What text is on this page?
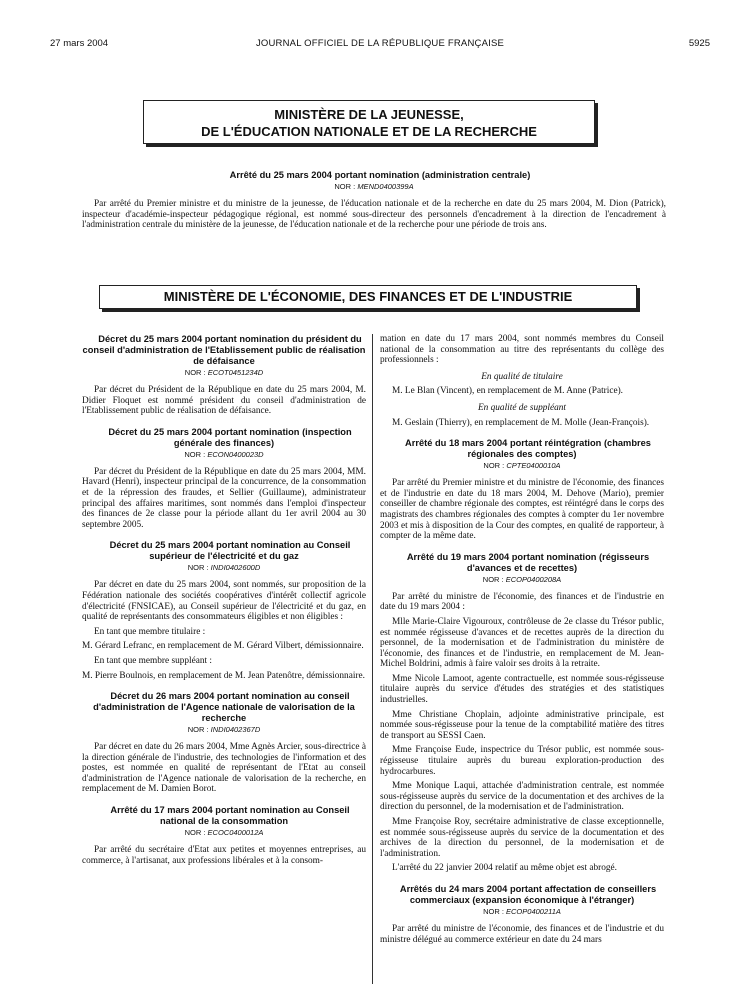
27 mars 2004	JOURNAL OFFICIEL DE LA RÉPUBLIQUE FRANÇAISE	5925
MINISTÈRE DE LA JEUNESSE,
DE L'ÉDUCATION NATIONALE ET DE LA RECHERCHE

Arrêté du 25 mars 2004 portant nomination (administration centrale)

NOR : MEND0400399A

Par arrêté du Premier ministre et du ministre de la jeunesse, de l'éducation nationale et de la recherche en date du 25 mars 2004, M. Dion (Patrick), inspecteur d'académie-inspecteur pédagogique régional, est nommé sous-directeur des personnels d'encadrement à la direction de l'encadrement à l'administration centrale du ministère de la jeunesse, de l'éducation nationale et de la recherche pour une période de trois ans.

MINISTÈRE DE L'ÉCONOMIE, DES FINANCES ET DE L'INDUSTRIE

Décret du 25 mars 2004 portant nomination du président du conseil d'administration de l'Etablissement public de réalisation de défaisance

NOR : ECOT0451234D

Par décret du Président de la République en date du 25 mars 2004, M. Didier Floquet est nommé président du conseil d'administration de l'Etablissement public de réalisation de défaisance.

Décret du 25 mars 2004 portant nomination (inspection générale des finances)

NOR : ECON0400023D

Par décret du Président de la République en date du 25 mars 2004, MM. Havard (Henri), inspecteur principal de la concurrence, de la consommation et de la répression des fraudes, et Sellier (Guillaume), administrateur principal des affaires maritimes, sont nommés dans l'emploi d'inspecteur des finances de 2e classe pour la période allant du 1er avril 2004 au 30 septembre 2005.

Décret du 25 mars 2004 portant nomination au Conseil supérieur de l'électricité et du gaz

NOR : INDI0402600D

Par décret en date du 25 mars 2004, sont nommés, sur proposition de la Fédération nationale des sociétés coopératives d'intérêt collectif agricole d'électricité (FNSICAE), au Conseil supérieur de l'électricité et du gaz, en qualité de représentants des consommateurs éligibles et non éligibles :

En tant que membre titulaire :

M. Gérard Lefranc, en remplacement de M. Gérard Vilbert, démissionnaire.

En tant que membre suppléant :

M. Pierre Boulnois, en remplacement de M. Jean Patenôtre, démissionnaire.

Décret du 26 mars 2004 portant nomination au conseil d'administration de l'Agence nationale de valorisation de la recherche

NOR : INDI0402367D

Par décret en date du 26 mars 2004, Mme Agnès Arcier, sous-directrice à la direction générale de l'industrie, des technologies de l'information et des postes, est nommée en qualité de représentant de l'Etat au conseil d'administration de l'Agence nationale de valorisation de la recherche, en remplacement de M. Damien Borot.

Arrêté du 17 mars 2004 portant nomination au Conseil national de la consommation

NOR : ECOC0400012A

Par arrêté du secrétaire d'Etat aux petites et moyennes entreprises, au commerce, à l'artisanat, aux professions libérales et à la consom-

mation en date du 17 mars 2004, sont nommés membres du Conseil national de la consommation au titre des représentants du collège des professionnels :

En qualité de titulaire

M. Le Blan (Vincent), en remplacement de M. Anne (Patrice).

En qualité de suppléant

M. Geslain (Thierry), en remplacement de M. Molle (Jean-François).

Arrêté du 18 mars 2004 portant réintégration (chambres régionales des comptes)

NOR : CPTE0400010A

Par arrêté du Premier ministre et du ministre de l'économie, des finances et de l'industrie en date du 18 mars 2004, M. Dehove (Mario), premier conseiller de chambre régionale des comptes, est réintégré dans le corps des magistrats des chambres régionales des comptes à compter du 1er novembre 2003 et mis à disposition de la Cour des comptes, en qualité de rapporteur, à compter de la même date.

Arrêté du 19 mars 2004 portant nomination (régisseurs d'avances et de recettes)

NOR : ECOP0400208A

Par arrêté du ministre de l'économie, des finances et de l'industrie en date du 19 mars 2004 :

Mlle Marie-Claire Vigouroux, contrôleuse de 2e classe du Trésor public, est nommée régisseuse d'avances et de recettes auprès de la direction du personnel, de la modernisation et de l'administration du ministère de l'économie, des finances et de l'industrie, en remplacement de M. Jean-Michel Boldrini, admis à faire valoir ses droits à la retraite.

Mme Nicole Lamoot, agente contractuelle, est nommée sous-régisseuse titulaire auprès du service d'études des stratégies et des statistiques industrielles.

Mme Christiane Choplain, adjointe administrative principale, est nommée sous-régisseuse pour la tenue de la comptabilité matière des titres de transport au SESSI Caen.

Mme Françoise Eude, inspectrice du Trésor public, est nommée sous-régisseuse titulaire auprès du bureau exploration-production des hydrocarbures.

Mme Monique Laqui, attachée d'administration centrale, est nommée sous-régisseuse auprès du service de la documentation et des archives de la direction du personnel, de la modernisation et de l'administration.

Mme Françoise Roy, secrétaire administrative de classe exceptionnelle, est nommée sous-régisseuse auprès du service de la documentation et des archives de la direction du personnel, de la modernisation et de l'administration.

L'arrêté du 22 janvier 2004 relatif au même objet est abrogé.

Arrêtés du 24 mars 2004 portant affectation de conseillers commerciaux (expansion économique à l'étranger)

NOR : ECOP0400211A

Par arrêté du ministre de l'économie, des finances et de l'industrie et du ministre délégué au commerce extérieur en date du 24 mars
